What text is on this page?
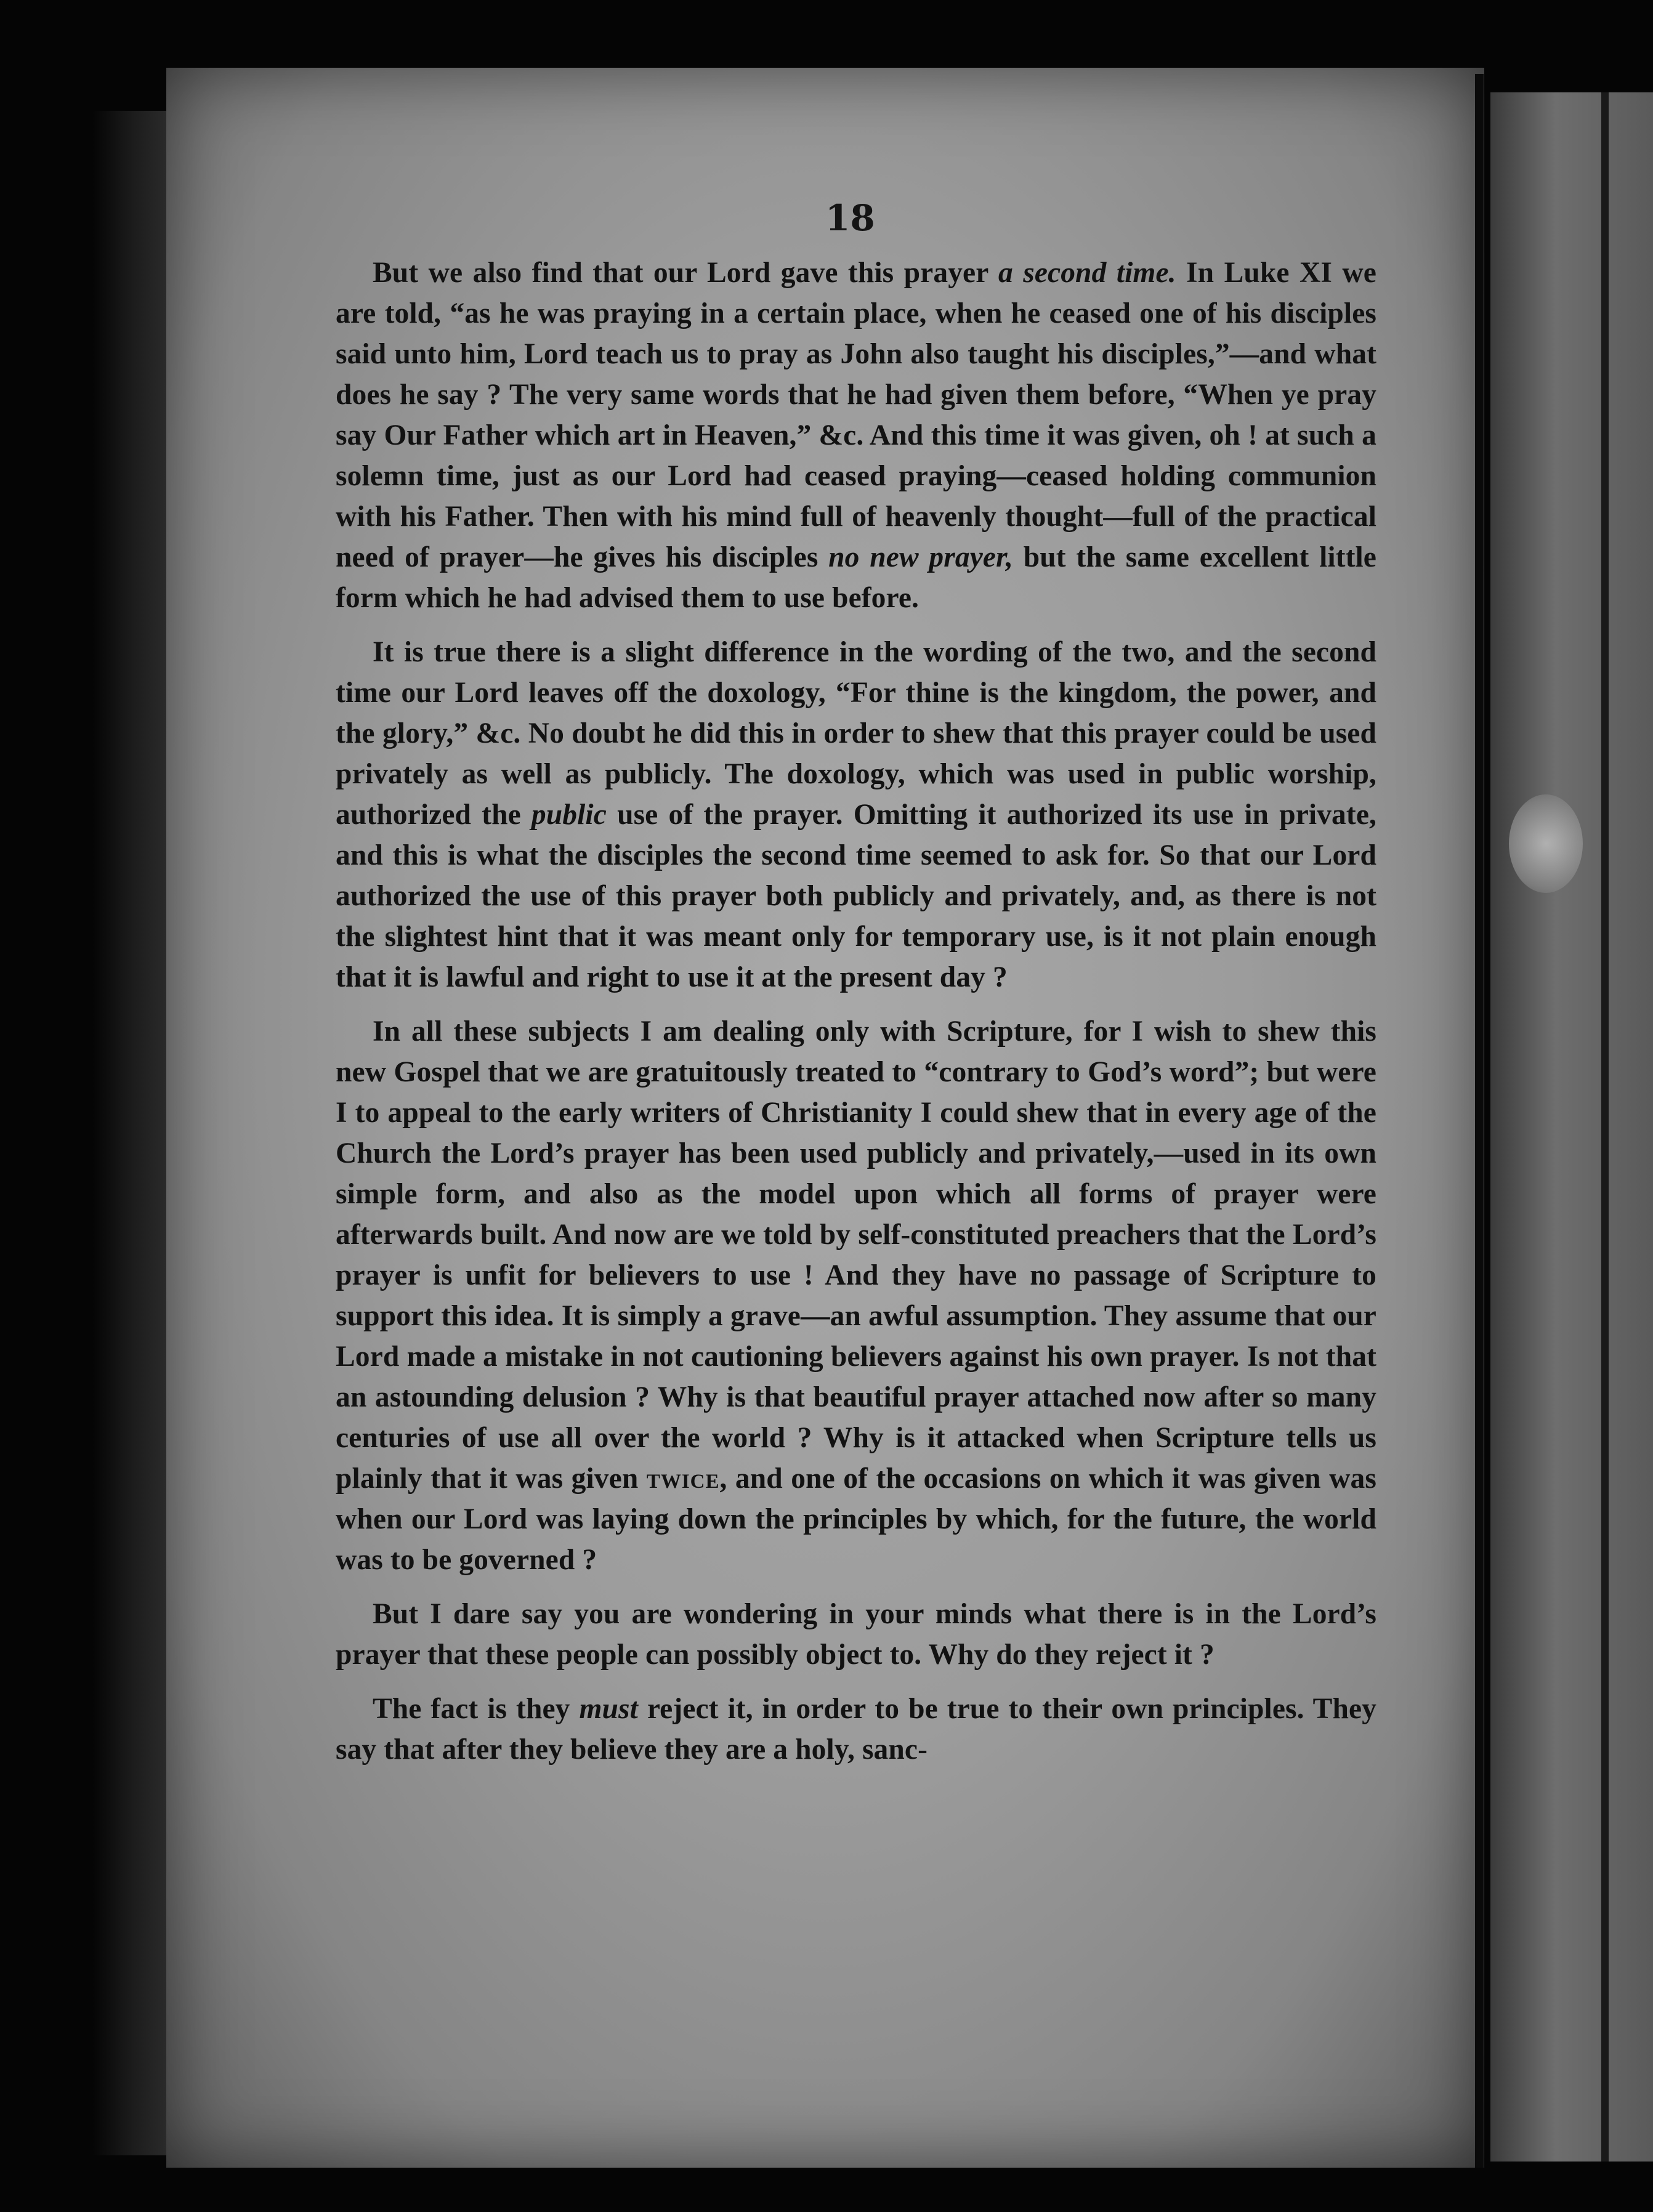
18

But we also find that our Lord gave this prayer a second time. In Luke XI we are told, “as he was praying in a certain place, when he ceased one of his disciples said unto him, Lord teach us to pray as John also taught his disciples,”—and what does he say ? The very same words that he had given them before, “When ye pray say Our Father which art in Heaven,” &c. And this time it was given, oh ! at such a solemn time, just as our Lord had ceased praying—ceased holding communion with his Father. Then with his mind full of heavenly thought—full of the practical need of prayer—he gives his disciples no new prayer, but the same excellent little form which he had advised them to use before.

It is true there is a slight difference in the wording of the two, and the second time our Lord leaves off the doxology, “For thine is the kingdom, the power, and the glory,” &c. No doubt he did this in order to shew that this prayer could be used privately as well as publicly. The doxology, which was used in public worship, authorized the public use of the prayer. Omitting it authorized its use in private, and this is what the disciples the second time seemed to ask for. So that our Lord authorized the use of this prayer both publicly and privately, and, as there is not the slightest hint that it was meant only for temporary use, is it not plain enough that it is lawful and right to use it at the present day ?

In all these subjects I am dealing only with Scripture, for I wish to shew this new Gospel that we are gratuitously treated to “contrary to God’s word”; but were I to appeal to the early writers of Christianity I could shew that in every age of the Church the Lord’s prayer has been used publicly and privately,—used in its own simple form, and also as the model upon which all forms of prayer were afterwards built. And now are we told by self-constituted preachers that the Lord’s prayer is unfit for believers to use ! And they have no passage of Scripture to support this idea. It is simply a grave—an awful assumption. They assume that our Lord made a mistake in not cautioning believers against his own prayer. Is not that an astounding delusion ? Why is that beautiful prayer attached now after so many centuries of use all over the world ? Why is it attacked when Scripture tells us plainly that it was given twice, and one of the occasions on which it was given was when our Lord was laying down the principles by which, for the future, the world was to be governed ?

But I dare say you are wondering in your minds what there is in the Lord’s prayer that these people can possibly object to. Why do they reject it ?

The fact is they must reject it, in order to be true to their own principles. They say that after they believe they are a holy, sanc-
